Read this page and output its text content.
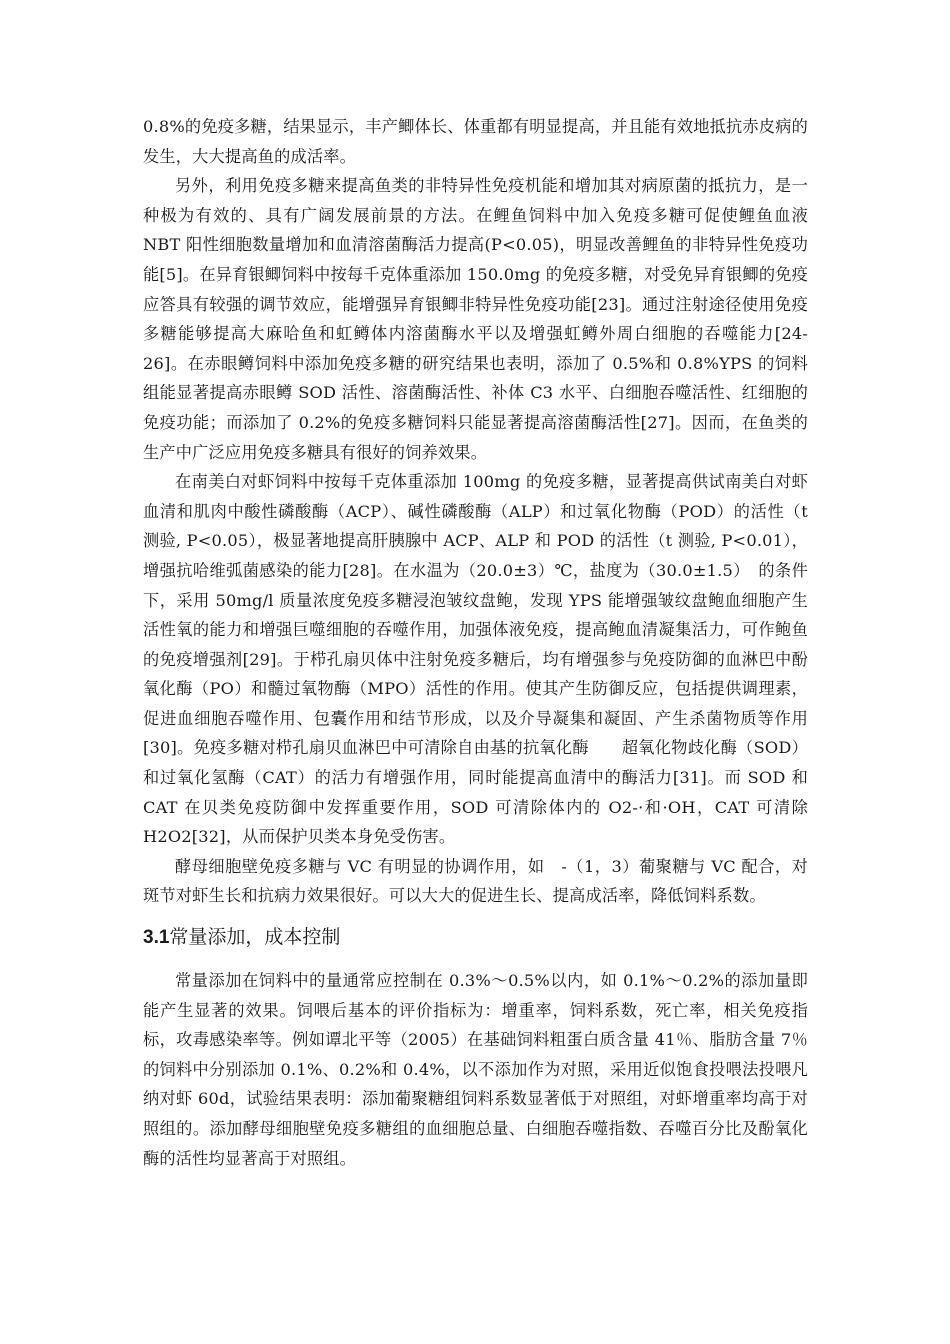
0.8%的免疫多糖，结果显示，丰产鲫体长、体重都有明显提高，并且能有效地抵抗赤皮病的发生，大大提高鱼的成活率。

另外，利用免疫多糖来提高鱼类的非特异性免疫机能和增加其对病原菌的抵抗力，是一种极为有效的、具有广阔发展前景的方法。在鲤鱼饲料中加入免疫多糖可促使鲤鱼血液 NBT 阳性细胞数量增加和血清溶菌酶活力提高(P<0.05)，明显改善鲤鱼的非特异性免疫功能[5]。在异育银鲫饲料中按每千克体重添加 150.0mg 的免疫多糖，对受免异育银鲫的免疫应答具有较强的调节效应，能增强异育银鲫非特异性免疫功能[23]。通过注射途径使用免疫多糖能够提高大麻哈鱼和虹鳟体内溶菌酶水平以及增强虹鳟外周白细胞的吞噬能力[24-26]。在赤眼鳟饲料中添加免疫多糖的研究结果也表明，添加了 0.5%和 0.8%YPS 的饲料组能显著提高赤眼鳟 SOD 活性、溶菌酶活性、补体 C3 水平、白细胞吞噬活性、红细胞的免疫功能；而添加了 0.2%的免疫多糖饲料只能显著提高溶菌酶活性[27]。因而，在鱼类的生产中广泛应用免疫多糖具有很好的饲养效果。

在南美白对虾饲料中按每千克体重添加 100mg 的免疫多糖，显著提高供试南美白对虾血清和肌肉中酸性磷酸酶（ACP）、碱性磷酸酶（ALP）和过氧化物酶（POD）的活性（t 测验, P<0.05），极显著地提高肝胰腺中 ACP、ALP 和 POD 的活性（t 测验, P<0.01），增强抗哈维弧菌感染的能力[28]。在水温为（20.0±3）℃，盐度为（30.0±1.5）　的条件下，采用 50mg/l 质量浓度免疫多糖浸泡皱纹盘鲍，发现 YPS 能增强皱纹盘鲍血细胞产生活性氧的能力和增强巨噬细胞的吞噬作用，加强体液免疫，提高鲍血清凝集活力，可作鲍鱼的免疫增强剂[29]。于栉孔扇贝体中注射免疫多糖后，均有增强参与免疫防御的血淋巴中酚氧化酶（PO）和髓过氧物酶（MPO）活性的作用。使其产生防御反应，包括提供调理素，促进血细胞吞噬作用、包囊作用和结节形成，以及介导凝集和凝固、产生杀菌物质等作用[30]。免疫多糖对栉孔扇贝血淋巴中可清除自由基的抗氧化酶　　超氧化物歧化酶（SOD）和过氧化氢酶（CAT）的活力有增强作用，同时能提高血清中的酶活力[31]。而 SOD 和 CAT 在贝类免疫防御中发挥重要作用，SOD 可清除体内的 O2-·和·OH，CAT 可清除 H2O2[32]，从而保护贝类本身免受伤害。

酵母细胞壁免疫多糖与 VC 有明显的协调作用，如　-（1，3）葡聚糖与 VC 配合，对斑节对虾生长和抗病力效果很好。可以大大的促进生长、提高成活率，降低饲料系数。

3.1常量添加，成本控制

常量添加在饲料中的量通常应控制在 0.3%～0.5%以内，如 0.1%～0.2%的添加量即能产生显著的效果。饲喂后基本的评价指标为：增重率，饲料系数，死亡率，相关免疫指标，攻毒感染率等。例如谭北平等（2005）在基础饲料粗蛋白质含量 41％、脂肪含量 7％的饲料中分别添加 0.1%、0.2%和 0.4%，以不添加作为对照，采用近似饱食投喂法投喂凡纳对虾 60d，试验结果表明：添加葡聚糖组饲料系数显著低于对照组，对虾增重率均高于对照组的。添加酵母细胞壁免疫多糖组的血细胞总量、白细胞吞噬指数、吞噬百分比及酚氧化酶的活性均显著高于对照组。
